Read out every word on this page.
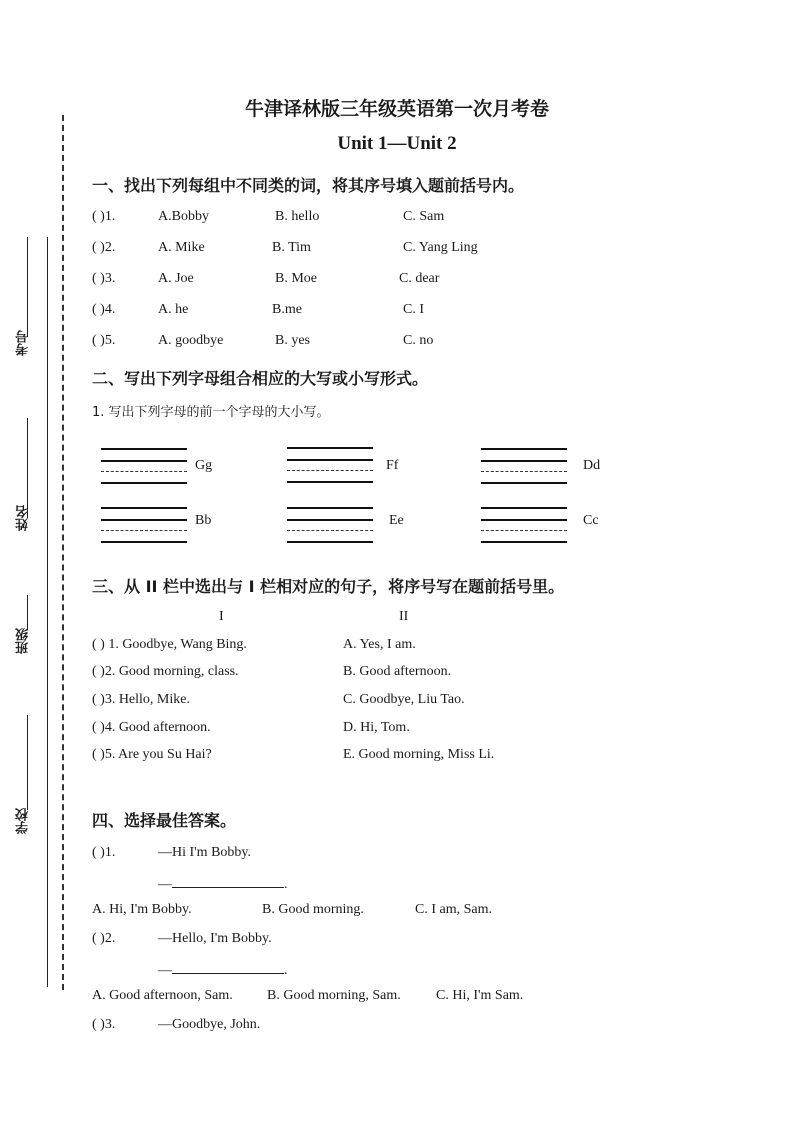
考号
姓名
班级
学校
牛津译林版三年级英语第一次月考卷
Unit 1—Unit 2
一、找出下列每组中不同类的词，将其序号填入题前括号内。
( )1.	A.Bobby	B. hello	C. Sam
( )2.	A. Mike	B. Tim	C. Yang Ling
( )3.	A. Joe	B. Moe	C. dear
( )4.	A. he	B.me	C. I
( )5.	A. goodbye	B. yes	C. no
二、写出下列字母组合相应的大写或小写形式。
1. 写出下列字母的前一个字母的大小写。
Gg	Ff	Dd
Bb	Ee	Cc
三、从 II 栏中选出与 I 栏相对应的句子，将序号写在题前括号里。
I	II
( ) 1. Goodbye, Wang Bing.	A. Yes, I am.
( )2. Good morning, class.	B. Good afternoon.
( )3. Hello, Mike.	C. Goodbye, Liu Tao.
( )4. Good afternoon.	D. Hi, Tom.
( )5. Are you Su Hai?	E. Good morning, Miss Li.
四、选择最佳答案。
( )1.	—Hi I'm Bobby.
—	.
A. Hi, I'm Bobby.	B. Good morning.	C. I am, Sam.
( )2.	—Hello, I'm Bobby.
—	.
A. Good afternoon, Sam. B. Good morning, Sam.	C. Hi, I'm Sam.
( )3.	—Goodbye, John.
